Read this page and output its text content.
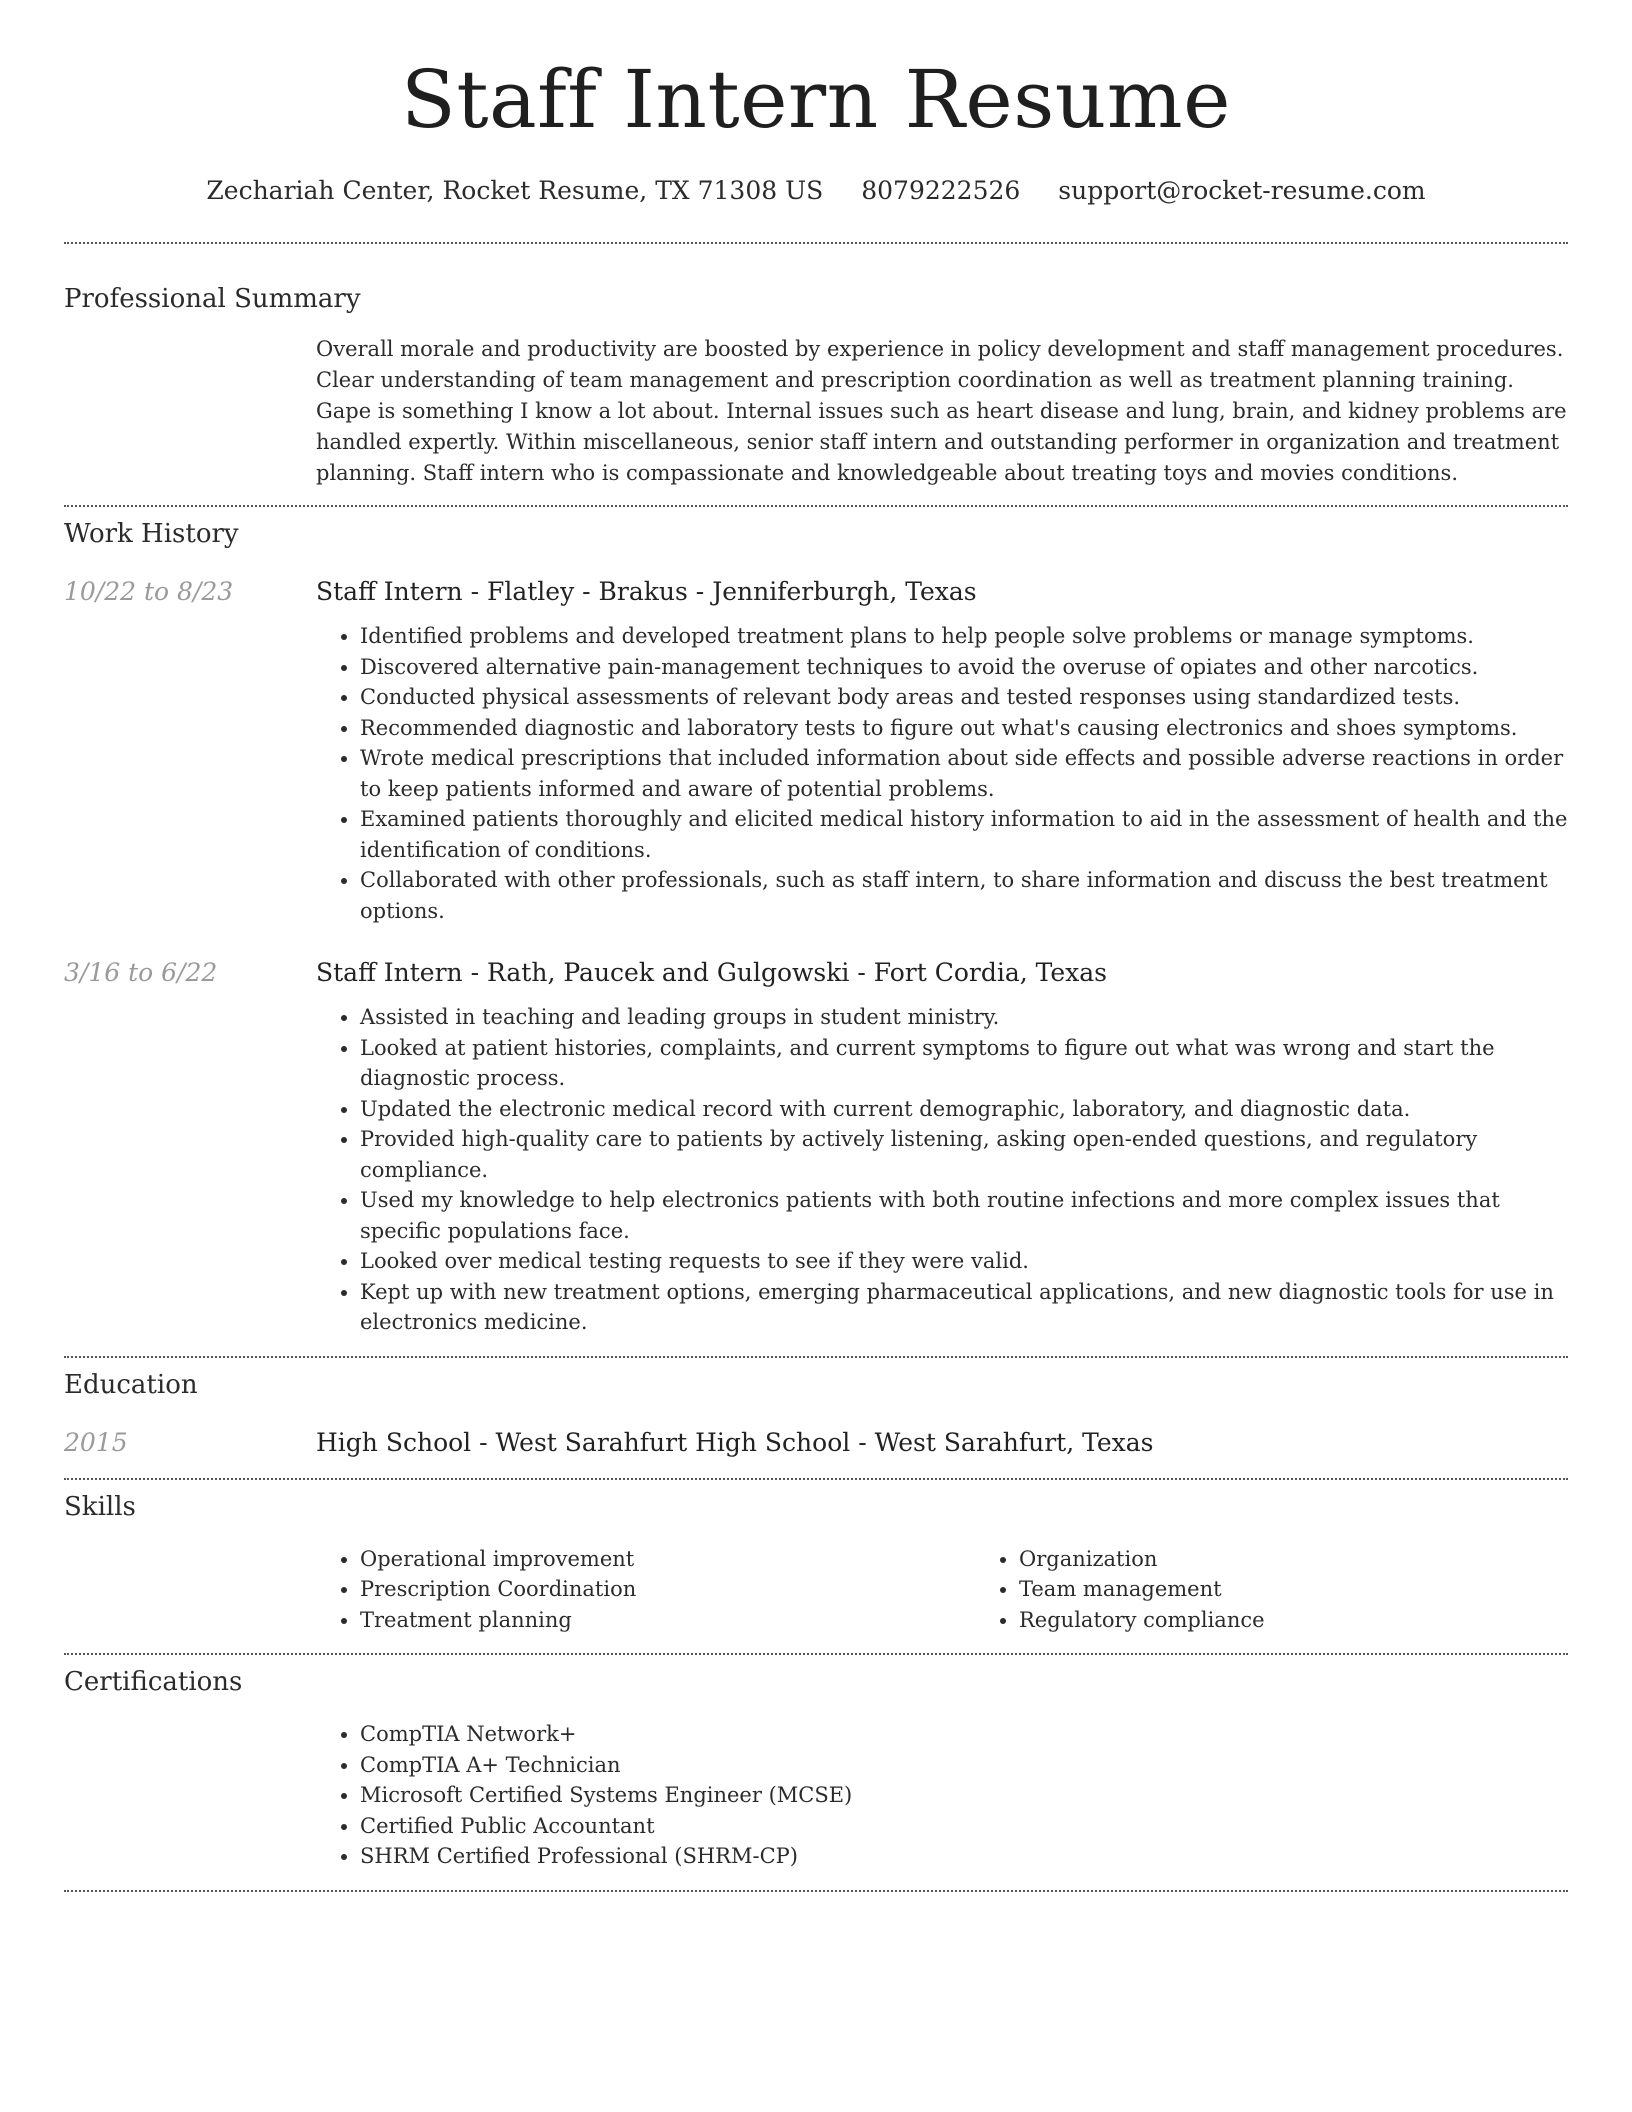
Staff Intern Resume
Zechariah Center, Rocket Resume, TX 71308 US 8079222526 support@rocket-resume.com
Professional Summary

Overall morale and productivity are boosted by experience in policy development and staff management procedures. Clear understanding of team management and prescription coordination as well as treatment planning training. Gape is something I know a lot about. Internal issues such as heart disease and lung, brain, and kidney problems are handled expertly. Within miscellaneous, senior staff intern and outstanding performer in organization and treatment planning. Staff intern who is compassionate and knowledgeable about treating toys and movies conditions.

Work History
10/22 to 8/23	Staff Intern - Flatley - Brakus - Jenniferburgh, Texas
• Identified problems and developed treatment plans to help people solve problems or manage symptoms.
• Discovered alternative pain-management techniques to avoid the overuse of opiates and other narcotics.
• Conducted physical assessments of relevant body areas and tested responses using standardized tests.
• Recommended diagnostic and laboratory tests to figure out what's causing electronics and shoes symptoms.
• Wrote medical prescriptions that included information about side effects and possible adverse reactions in order to keep patients informed and aware of potential problems.
• Examined patients thoroughly and elicited medical history information to aid in the assessment of health and the identification of conditions.
• Collaborated with other professionals, such as staff intern, to share information and discuss the best treatment options.
3/16 to 6/22	Staff Intern - Rath, Paucek and Gulgowski - Fort Cordia, Texas
• Assisted in teaching and leading groups in student ministry.
• Looked at patient histories, complaints, and current symptoms to figure out what was wrong and start the diagnostic process.
• Updated the electronic medical record with current demographic, laboratory, and diagnostic data.
• Provided high-quality care to patients by actively listening, asking open-ended questions, and regulatory compliance.
• Used my knowledge to help electronics patients with both routine infections and more complex issues that specific populations face.
• Looked over medical testing requests to see if they were valid.
• Kept up with new treatment options, emerging pharmaceutical applications, and new diagnostic tools for use in electronics medicine.
Education
2015	High School - West Sarahfurt High School - West Sarahfurt, Texas
Skills
• Operational improvement
• Prescription Coordination
• Treatment planning
• Organization
• Team management
• Regulatory compliance
Certifications
• CompTIA Network+
• CompTIA A+ Technician
• Microsoft Certified Systems Engineer (MCSE)
• Certified Public Accountant
• SHRM Certified Professional (SHRM-CP)
